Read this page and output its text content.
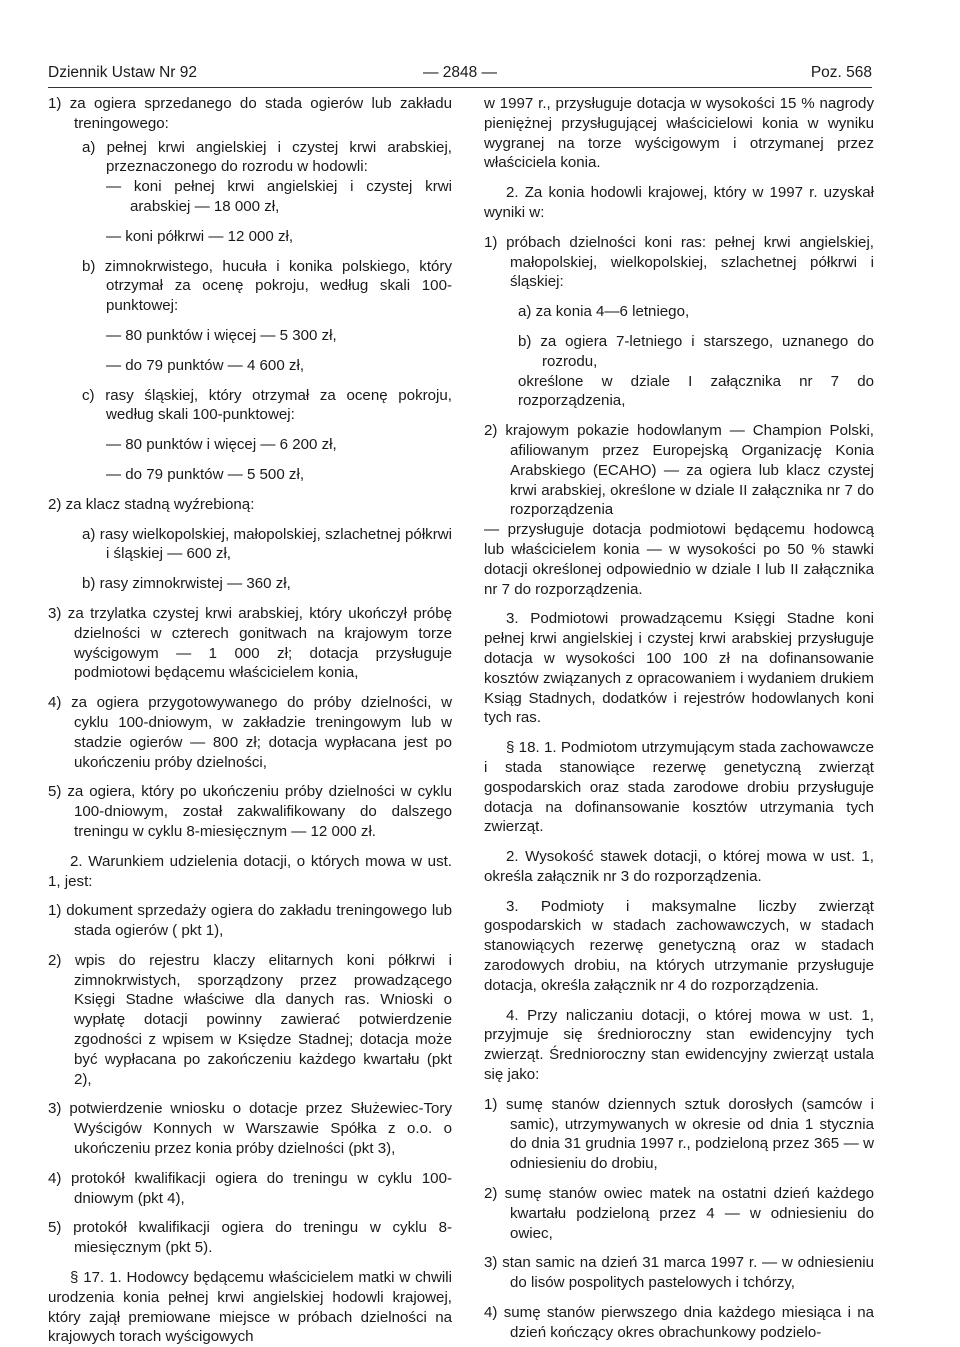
— 2848 —
Dziennik Ustaw Nr 92	Poz. 568

1) za ogiera sprzedanego do stada ogierów lub zakładu treningowego:

a) pełnej krwi angielskiej i czystej krwi arabskiej, przeznaczonego do rozrodu w hodowli:

— koni pełnej krwi angielskiej i czystej krwi arabskiej — 18 000 zł,

— koni półkrwi — 12 000 zł,

b) zimnokrwistego, hucuła i konika polskiego, który otrzymał za ocenę pokroju, według skali 100-punktowej:

— 80 punktów i więcej — 5 300 zł,

— do 79 punktów — 4 600 zł,

c) rasy śląskiej, który otrzymał za ocenę pokroju, według skali 100-punktowej:

— 80 punktów i więcej — 6 200 zł,

— do 79 punktów — 5 500 zł,

2) za klacz stadną wyźrebioną:

a) rasy wielkopolskiej, małopolskiej, szlachetnej półkrwi i śląskiej — 600 zł,

b) rasy zimnokrwistej — 360 zł,

3) za trzylatka czystej krwi arabskiej, który ukończył próbę dzielności w czterech gonitwach na krajowym torze wyścigowym — 1 000 zł; dotacja przysługuje podmiotowi będącemu właścicielem konia,

4) za ogiera przygotowywanego do próby dzielności, w cyklu 100-dniowym, w zakładzie treningowym lub w stadzie ogierów — 800 zł; dotacja wypłacana jest po ukończeniu próby dzielności,

5) za ogiera, który po ukończeniu próby dzielności w cyklu 100-dniowym, został zakwalifikowany do dalszego treningu w cyklu 8-miesięcznym — 12 000 zł.

2. Warunkiem udzielenia dotacji, o których mowa w ust. 1, jest:

1) dokument sprzedaży ogiera do zakładu treningowego lub stada ogierów ( pkt 1),

2) wpis do rejestru klaczy elitarnych koni półkrwi i zimnokrwistych, sporządzony przez prowadzącego Księgi Stadne właściwe dla danych ras. Wnioski o wypłatę dotacji powinny zawierać potwierdzenie zgodności z wpisem w Księdze Stadnej; dotacja może być wypłacana po zakończeniu każdego kwartału (pkt 2),

3) potwierdzenie wniosku o dotacje przez Służewiec-Tory Wyścigów Konnych w Warszawie Spółka z o.o. o ukończeniu przez konia próby dzielności (pkt 3),

4) protokół kwalifikacji ogiera do treningu w cyklu 100-dniowym (pkt 4),

5) protokół kwalifikacji ogiera do treningu w cyklu 8-miesięcznym (pkt 5).

§ 17. 1. Hodowcy będącemu właścicielem matki w chwili urodzenia konia pełnej krwi angielskiej hodowli krajowej, który zajął premiowane miejsce w próbach dzielności na krajowych torach wyścigowych

w 1997 r., przysługuje dotacja w wysokości 15 % nagrody pieniężnej przysługującej właścicielowi konia w wyniku wygranej na torze wyścigowym i otrzymanej przez właściciela konia.

2. Za konia hodowli krajowej, który w 1997 r. uzyskał wyniki w:

1) próbach dzielności koni ras: pełnej krwi angielskiej, małopolskiej, wielkopolskiej, szlachetnej półkrwi i śląskiej:

a) za konia 4—6 letniego,

b) za ogiera 7-letniego i starszego, uznanego do rozrodu,

określone w dziale I załącznika nr 7 do rozporządzenia,

2) krajowym pokazie hodowlanym — Champion Polski, afiliowanym przez Europejską Organizację Konia Arabskiego (ECAHO) — za ogiera lub klacz czystej krwi arabskiej, określone w dziale II załącznika nr 7 do rozporządzenia

— przysługuje dotacja podmiotowi będącemu hodowcą lub właścicielem konia — w wysokości po 50 % stawki dotacji określonej odpowiednio w dziale I lub II załącznika nr 7 do rozporządzenia.

3. Podmiotowi prowadzącemu Księgi Stadne koni pełnej krwi angielskiej i czystej krwi arabskiej przysługuje dotacja w wysokości 100 100 zł na dofinansowanie kosztów związanych z opracowaniem i wydaniem drukiem Ksiąg Stadnych, dodatków i rejestrów hodowlanych koni tych ras.

§ 18. 1. Podmiotom utrzymującym stada zachowawcze i stada stanowiące rezerwę genetyczną zwierząt gospodarskich oraz stada zarodowe drobiu przysługuje dotacja na dofinansowanie kosztów utrzymania tych zwierząt.

2. Wysokość stawek dotacji, o której mowa w ust. 1, określa załącznik nr 3 do rozporządzenia.

3. Podmioty i maksymalne liczby zwierząt gospodarskich w stadach zachowawczych, w stadach stanowiących rezerwę genetyczną oraz w stadach zarodowych drobiu, na których utrzymanie przysługuje dotacja, określa załącznik nr 4 do rozporządzenia.

4. Przy naliczaniu dotacji, o której mowa w ust. 1, przyjmuje się średnioroczny stan ewidencyjny tych zwierząt. Średnioroczny stan ewidencyjny zwierząt ustala się jako:

1) sumę stanów dziennych sztuk dorosłych (samców i samic), utrzymywanych w okresie od dnia 1 stycznia do dnia 31 grudnia 1997 r., podzieloną przez 365 — w odniesieniu do drobiu,

2) sumę stanów owiec matek na ostatni dzień każdego kwartału podzieloną przez 4 — w odniesieniu do owiec,

3) stan samic na dzień 31 marca 1997 r. — w odniesieniu do lisów pospolitych pastelowych i tchórzy,

4) sumę stanów pierwszego dnia każdego miesiąca i na dzień kończący okres obrachunkowy podzielo-
